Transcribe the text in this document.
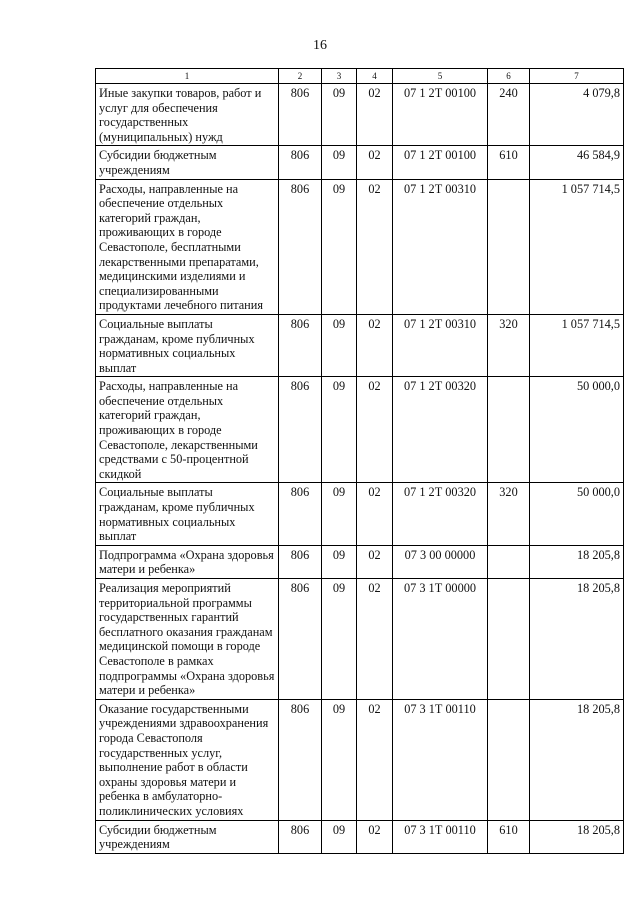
16
1	2	3	4	5	6	7
Иные закупки товаров, работ и услуг для обеспечения государственных (муниципальных) нужд	806	09	02	07 1 2Т 00100	240	4 079,8
Субсидии бюджетным учреждениям	806	09	02	07 1 2Т 00100	610	46 584,9
Расходы, направленные на обеспечение отдельных категорий граждан, проживающих в городе Севастополе, бесплатными лекарственными препаратами, медицинскими изделиями и специализированными продуктами лечебного питания	806	09	02	07 1 2Т 00310		1 057 714,5
Социальные выплаты гражданам, кроме публичных нормативных социальных выплат	806	09	02	07 1 2Т 00310	320	1 057 714,5
Расходы, направленные на обеспечение отдельных категорий граждан, проживающих в городе Севастополе, лекарственными средствами с 50-процентной скидкой	806	09	02	07 1 2Т 00320		50 000,0
Социальные выплаты гражданам, кроме публичных нормативных социальных выплат	806	09	02	07 1 2Т 00320	320	50 000,0
Подпрограмма «Охрана здоровья матери и ребенка»	806	09	02	07 3 00 00000		18 205,8
Реализация мероприятий территориальной программы государственных гарантий бесплатного оказания гражданам медицинской помощи в городе Севастополе в рамках подпрограммы «Охрана здоровья матери и ребенка»	806	09	02	07 3 1Т 00000		18 205,8
Оказание государственными учреждениями здравоохранения города Севастополя государственных услуг, выполнение работ в области охраны здоровья матери и ребенка в амбулаторно-поликлинических условиях	806	09	02	07 3 1Т 00110		18 205,8
Субсидии бюджетным учреждениям	806	09	02	07 3 1Т 00110	610	18 205,8
